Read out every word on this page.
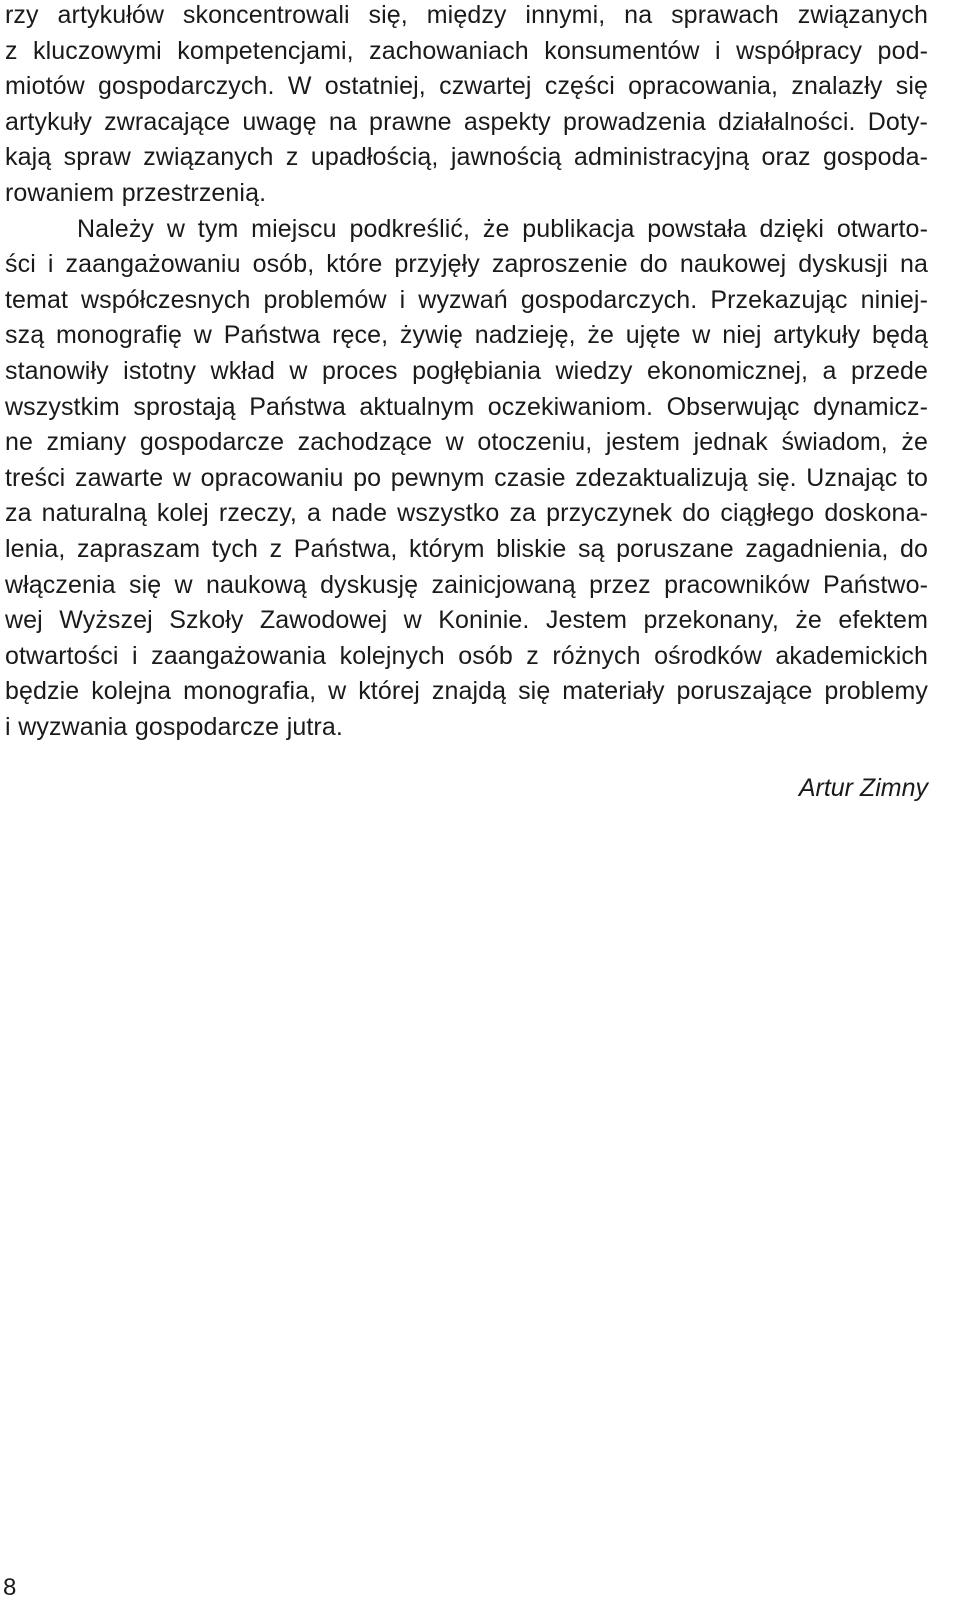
rzy artykułów skoncentrowali się, między innymi, na sprawach związanych
z kluczowymi kompetencjami, zachowaniach konsumentów i współpracy pod-
miotów gospodarczych. W ostatniej, czwartej części opracowania, znalazły się
artykuły zwracające uwagę na prawne aspekty prowadzenia działalności. Doty-
kają spraw związanych z upadłością, jawnością administracyjną oraz gospoda-
rowaniem przestrzenią.
Należy w tym miejscu podkreślić, że publikacja powstała dzięki otwarto-
ści i zaangażowaniu osób, które przyjęły zaproszenie do naukowej dyskusji na
temat współczesnych problemów i wyzwań gospodarczych. Przekazując niniej-
szą monografię w Państwa ręce, żywię nadzieję, że ujęte w niej artykuły będą
stanowiły istotny wkład w proces pogłębiania wiedzy ekonomicznej, a przede
wszystkim sprostają Państwa aktualnym oczekiwaniom. Obserwując dynamicz-
ne zmiany gospodarcze zachodzące w otoczeniu, jestem jednak świadom, że
treści zawarte w opracowaniu po pewnym czasie zdezaktualizują się. Uznając to
za naturalną kolej rzeczy, a nade wszystko za przyczynek do ciągłego doskona-
lenia, zapraszam tych z Państwa, którym bliskie są poruszane zagadnienia, do
włączenia się w naukową dyskusję zainicjowaną przez pracowników Państwo-
wej Wyższej Szkoły Zawodowej w Koninie. Jestem przekonany, że efektem
otwartości i zaangażowania kolejnych osób z różnych ośrodków akademickich
będzie kolejna monografia, w której znajdą się materiały poruszające problemy
i wyzwania gospodarcze jutra.
Artur Zimny
8
